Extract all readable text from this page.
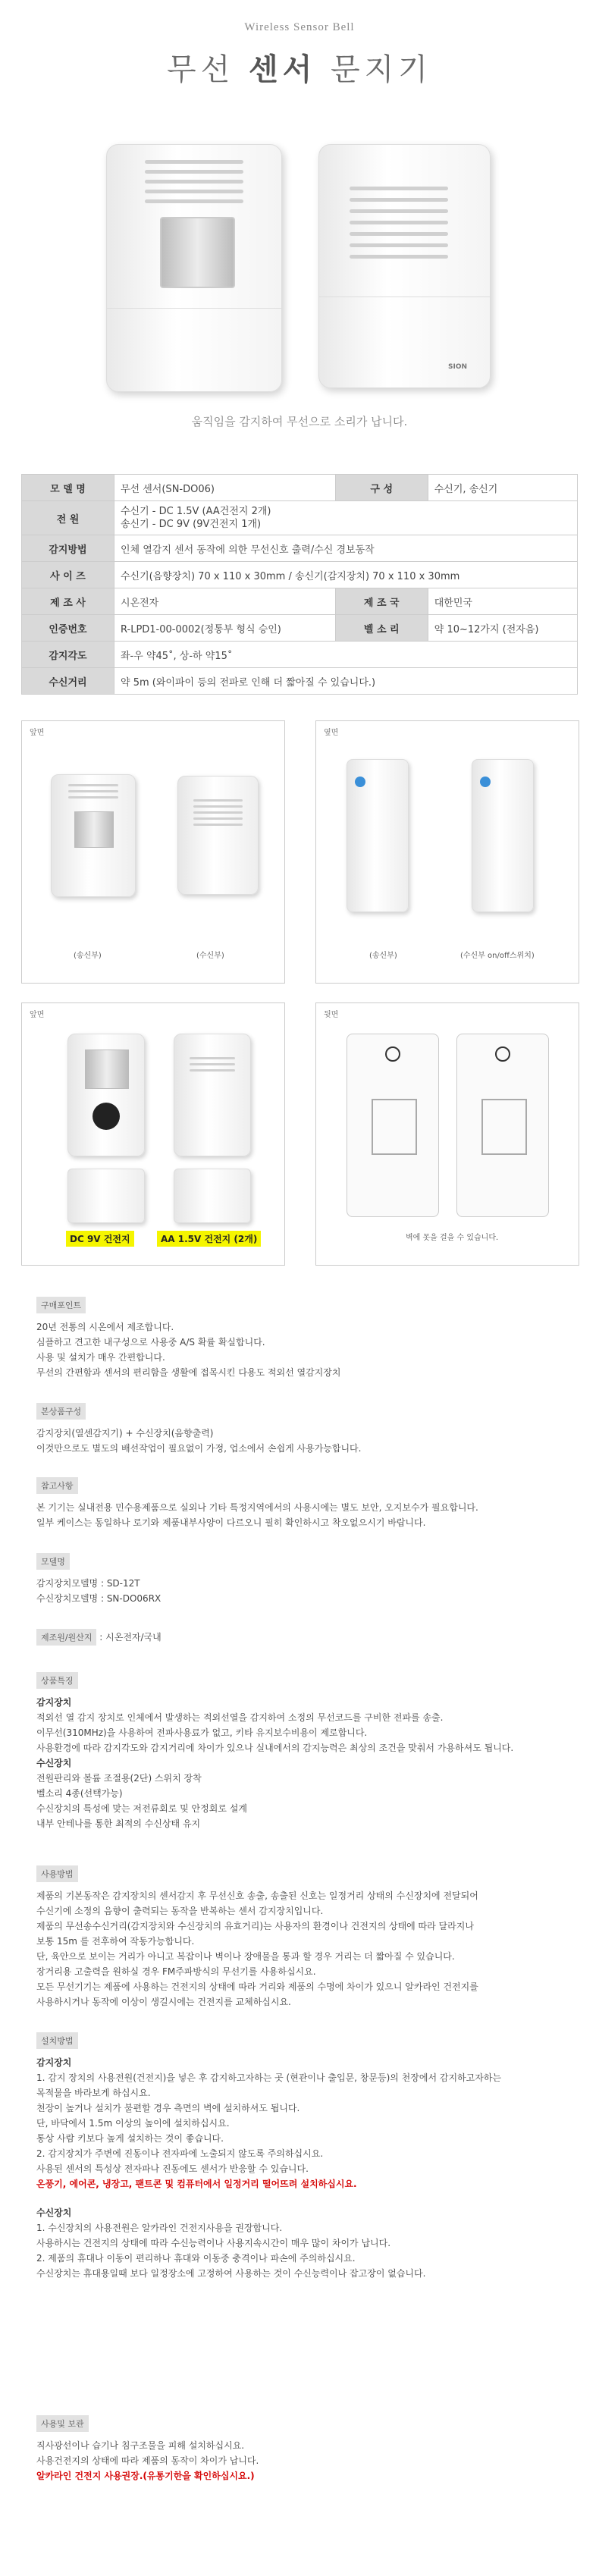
Wireless Sensor Bell
무선 센서 문지기
SION
움직임을 감지하여 무선으로 소리가 납니다.
모 델 명	무선 센서(SN-DO06)	구 성	수신기, 송신기
전 원	수신기 - DC 1.5V (AA건전지 2개)
송신기 - DC 9V (9V건전지 1개)		
감지방법	인체 열감지 센서 동작에 의한 무선신호 출력/수신 경보동작		
사 이 즈	수신기(음향장치) 70 x 110 x 30mm / 송신기(감지장치) 70 x 110 x 30mm		
제 조 사	시온전자	제 조 국	대한민국
인증번호	R-LPD1-00-0002(정통부 형식 승인)	벨 소 리	약 10~12가지 (전자음)
감지각도	좌-우 약45˚, 상-하 약15˚		
수신거리	약 5m (와이파이 등의 전파로 인해 더 짧아질 수 있습니다.)		
앞면
(송신부)	(수신부)
옆면
(송신부)	(수신부 on/off스위치)
앞면
DC 9V 건전지	AA 1.5V 건전지 (2개)
뒷면
벽에 못을 걸을 수 있습니다.
구매포인트
20년 전통의 시온에서 제조합니다.
심플하고 견고한 내구성으로 사용중 A/S 확률 확실합니다.
사용 및 설치가 매우 간편합니다.
무선의 간편함과 센서의 편리함을 생활에 접목시킨 다용도 적외선 열감지장치
본상품구성
감지장치(열센감지기) + 수신장치(음향출력)
이것만으로도 별도의 배선작업이 필요없이 가정, 업소에서 손쉽게 사용가능합니다.
참고사항
본 기기는 실내전용 민수용제품으로 실외나 기타 특정지역에서의 사용시에는 별도 보안, 오지보수가 필요합니다.
일부 케이스는 동일하나 로기와 제품내부사양이 다르오니 필히 확인하시고 착오없으시기 바랍니다.
모델명
감지장치모델명 : SD-12T
수신장치모델명 : SN-DO06RX
제조원/원산지 : 시온전자/국내
상품특징
감지장치
적외선 열 감지 장치로 인체에서 발생하는 적외선열을 감지하여 소정의 무선코드를 구비한 전파를 송출.
이무선(310MHz)을 사용하여 전파사용료가 없고, 키타 유지보수비용이 제로합니다.
사용환경에 따라 감지각도와 감지거리에 차이가 있으나 실내에서의 감지능력은 최상의 조건을 맞춰서 가용하셔도 됩니다.
수신장치
전원판리와 볼륨 조절용(2단) 스위치 장착
벨소리 4종(선택가능)
수신장치의 특성에 맞는 저전류회로 및 안정회로 설계
내부 안테나를 통한 최적의 수신상태 유지
사용방법
제품의 기본동작은 감지장치의 센서감지 후 무선신호 송출, 송출된 신호는 일정거리 상태의 수신장치에 전달되어
수신기에 소정의 음향이 출력되는 동작을 반복하는 센서 감지장치입니다.
제품의 무선송수신거리(감지장치와 수신장치의 유효거리)는 사용자의 환경이나 건전지의 상태에 따라 달라지나
보통 15m 를 전후하여 작동가능합니다.
단, 육안으로 보이는 거리가 아니고 복잡이나 벽이나 장애물을 통과 할 경우 거리는 더 짧아질 수 있습니다.
장거리용 고출력을 원하실 경우 FM주파방식의 무선기를 사용하십시요.
모든 무선기기는 제품에 사용하는 건전지의 상태에 따라 거리와 제품의 수명에 차이가 있으니 알카라인 건전지를
사용하시거나 동작에 이상이 생길시에는 건전지를 교체하십시요.
설치방법
감지장치
1. 감지 장치의 사용전원(건전지)을 넣은 후 감지하고자하는 곳 (현관이나 출입문, 창문등)의 천장에서 감지하고자하는
목적물을 바라보게 하십시요.
천장이 높거나 설치가 불편할 경우 측면의 벽에 설치하셔도 됩니다.
단, 바닥에서 1.5m 이상의 높이에 설치하십시요.
통상 사람 키보다 높게 설치하는 것이 좋습니다.
2. 감지장치가 주변에 진동이나 전자파에 노출되지 않도록 주의하십시요.
사용된 센서의 특성상 전자파나 진동에도 센서가 반응할 수 있습니다.
온풍기, 에어콘, 냉장고, 팬트콘 및 컴퓨터에서 일정거리 떨어뜨려 설치하십시요.
수신장치
1. 수신장치의 사용전원은 알카라인 건전지사용을 권장합니다.
사용하시는 건전지의 상태에 따라 수신능력이나 사용지속시간이 매우 많이 차이가 납니다.
2. 제품의 휴대나 이동이 편리하나 휴대와 이동중 충격이나 파손에 주의하십시요.
수신장치는 휴대용일때 보다 일정장소에 고정하여 사용하는 것이 수신능력이나 잡고장이 없습니다.
사용및 보관
직사광선이나 습기나 침구조물을 피해 설치하십시요.
사용건전지의 상태에 따라 제품의 동작이 차이가 납니다.
알카라인 건전지 사용권장.(유통기한을 확인하십시요.)
